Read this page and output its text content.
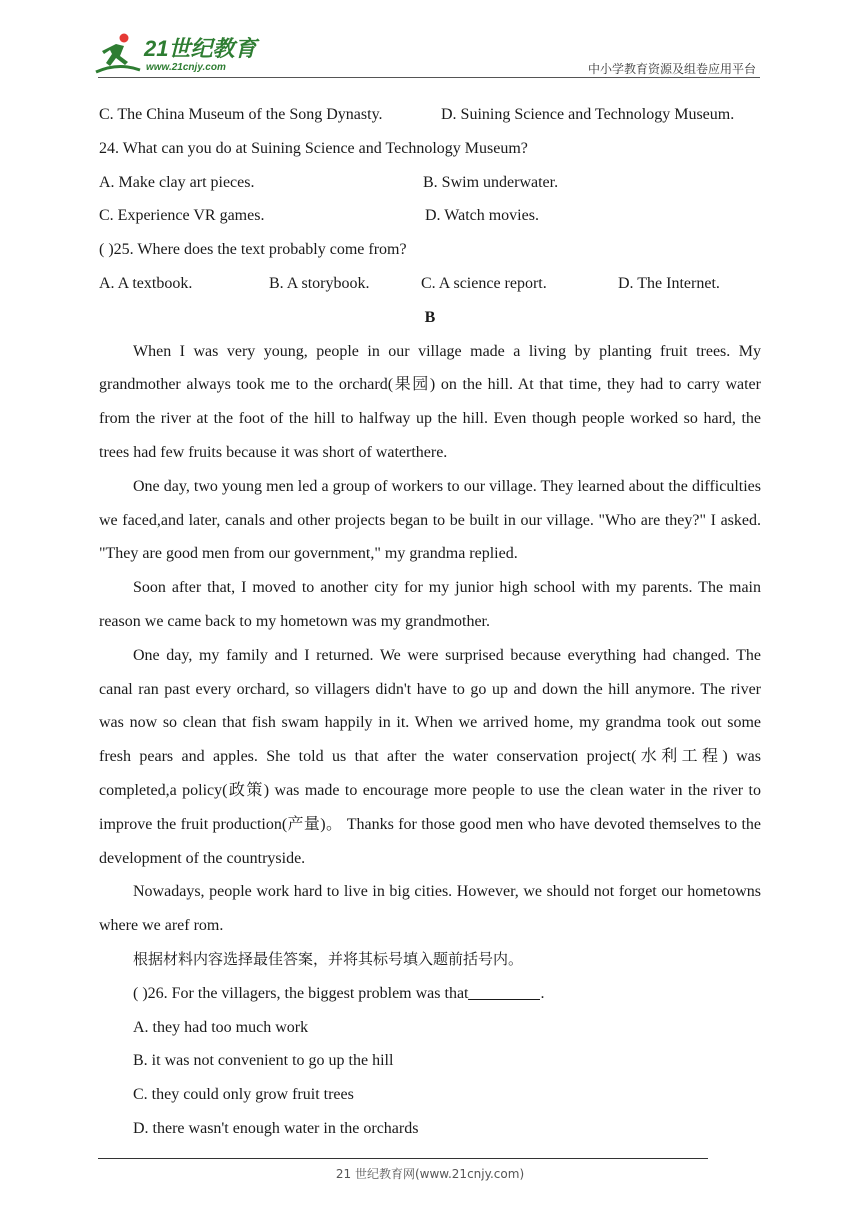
21世纪教育
www.21cnjy.com	中小学教育资源及组卷应用平台
C. The China Museum of the Song Dynasty.	D. Suining Science and Technology Museum.
24. What can you do at Suining Science and Technology Museum?
A. Make clay art pieces.	B. Swim underwater.
C. Experience VR games.	D. Watch movies.
( )25. Where does the text probably come from?
A. A textbook.	B. A storybook.	C. A science report.	D. The Internet.
B

When I was very young, people in our village made a living by planting fruit trees. My grandmother always took me to the orchard(果园) on the hill. At that time, they had to carry water from the river at the foot of the hill to halfway up the hill. Even though people worked so hard, the trees had few fruits because it was short of waterthere.

One day, two young men led a group of workers to our village. They learned about the difficulties we faced,and later, canals and other projects began to be built in our village. "Who are they?" I asked. "They are good men from our government," my grandma replied.

Soon after that, I moved to another city for my junior high school with my parents. The main reason we came back to my hometown was my grandmother.

One day, my family and I returned. We were surprised because everything had changed. The canal ran past every orchard, so villagers didn't have to go up and down the hill anymore. The river was now so clean that fish swam happily in it. When we arrived home, my grandma took out some fresh pears and apples. She told us that after the water conservation project(水利工程) was completed,a policy(政策) was made to encourage more people to use the clean water in the river to improve the fruit production(产量)。 Thanks for those good men who have devoted themselves to the development of the countryside.

Nowadays, people work hard to live in big cities. However, we should not forget our hometowns where we aref rom.

根据材料内容选择最佳答案，并将其标号填入题前括号内。
( )26. For the villagers, the biggest problem was that	.
A. they had too much work
B. it was not convenient to go up the hill
C. they could only grow fruit trees
D. there wasn't enough water in the orchards
21 世纪教育网(www.21cnjy.com)
